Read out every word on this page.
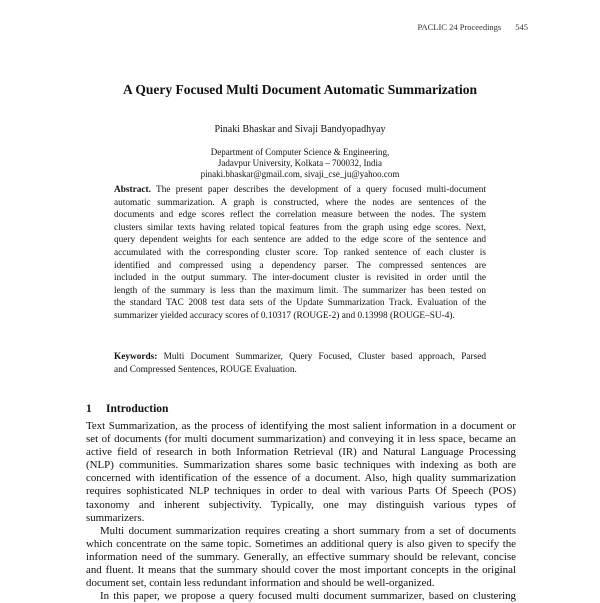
PACLIC 24 Proceedings 545
A Query Focused Multi Document Automatic Summarization
Pinaki Bhaskar and Sivaji Bandyopadhyay
Department of Computer Science & Engineering,
Jadavpur University, Kolkata – 700032, India
pinaki.bhaskar@gmail.com, sivaji_cse_ju@yahoo.com
Abstract. The present paper describes the development of a query focused multi-document
automatic summarization. A graph is constructed, where the nodes are sentences of the
documents and edge scores reflect the correlation measure between the nodes. The system
clusters similar texts having related topical features from the graph using edge scores. Next,
query dependent weights for each sentence are added to the edge score of the sentence and
accumulated with the corresponding cluster score. Top ranked sentence of each cluster is
identified and compressed using a dependency parser. The compressed sentences are
included in the output summary. The inter-document cluster is revisited in order until the
length of the summary is less than the maximum limit. The summarizer has been tested on
the standard TAC 2008 test data sets of the Update Summarization Track. Evaluation of the
summarizer yielded accuracy scores of 0.10317 (ROUGE-2) and 0.13998 (ROUGE–SU-4).
Keywords: Multi Document Summarizer, Query Focused, Cluster based approach, Parsed
and Compressed Sentences, ROUGE Evaluation.
1 Introduction
Text Summarization, as the process of identifying the most salient information in a document or
set of documents (for multi document summarization) and conveying it in less space, became an
active field of research in both Information Retrieval (IR) and Natural Language Processing
(NLP) communities. Summarization shares some basic techniques with indexing as both are
concerned with identification of the essence of a document. Also, high quality summarization
requires sophisticated NLP techniques in order to deal with various Parts Of Speech (POS)
taxonomy and inherent subjectivity. Typically, one may distinguish various types of
summarizers.
Multi document summarization requires creating a short summary from a set of documents
which concentrate on the same topic. Sometimes an additional query is also given to specify the
information need of the summary. Generally, an effective summary should be relevant, concise
and fluent. It means that the summary should cover the most important concepts in the original
document set, contain less redundant information and should be well-organized.
In this paper, we propose a query focused multi document summarizer, based on clustering
